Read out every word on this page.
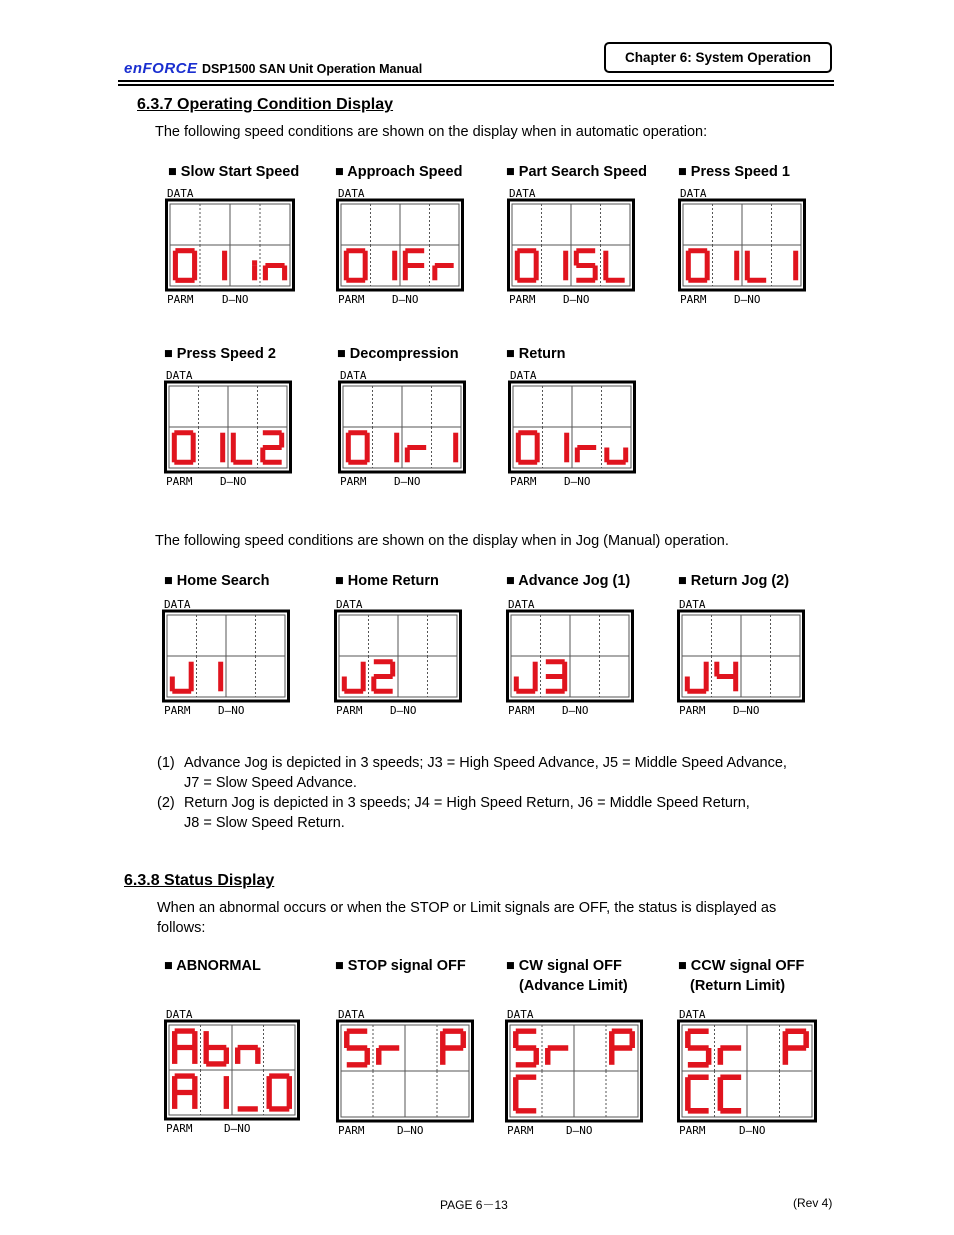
enFORCE DSP1500 SAN Unit Operation Manual
Chapter 6: System Operation
6.3.7 Operating Condition Display
The following speed conditions are shown on the display when in automatic operation:
■ Slow Start Speed ■ Approach Speed	■ Part Search Speed ■ Press Speed 1
■ Press Speed 2	■ Decompression	■ Return
The following speed conditions are shown on the display when in Jog (Manual) operation.
■ Home Search	■ Home Return	■ Advance Jog (1)	■ Return Jog (2)
(1) Advance Jog is depicted in 3 speeds; J3 = High Speed Advance, J5 = Middle Speed Advance,
J7 = Slow Speed Advance.
(2) Return Jog is depicted in 3 speeds; J4 = High Speed Return, J6 = Middle Speed Return,
J8 = Slow Speed Return.
6.3.8 Status Display
When an abnormal occurs or when the STOP or Limit signals are OFF, the status is displayed as follows:
■ ABNORMAL	■ STOP signal OFF	■ CW signal OFF
(Advance Limit)
■ CCW signal OFF
(Return Limit)
DATA
PARM	D–NO
DATA
PARM	D–NO
DATA
PARM	D–NO
DATA
PARM	D–NO
DATA
PARM	D–NO
DATA
PARM	D–NO
DATA
PARM	D–NO
DATA
PARM	D–NO
DATA
PARM	D–NO
DATA
PARM	D–NO
DATA
PARM	D–NO
DATA
PARM	D–NO
DATA
PARM	D–NO
DATA
PARM	D–NO
DATA
PARM	D–NO
PAGE 6－13	(Rev 4)
